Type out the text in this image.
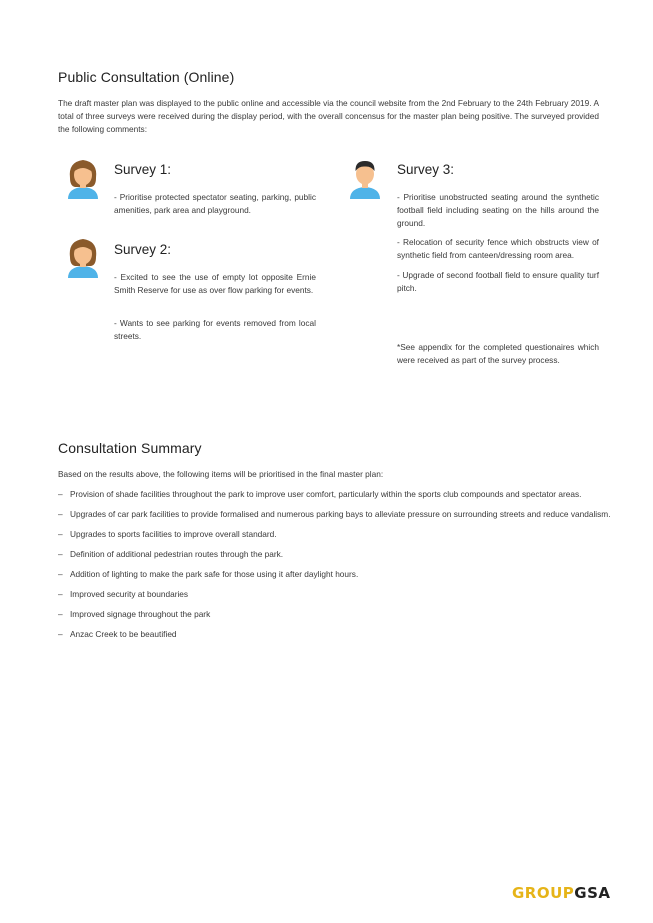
Public Consultation (Online)

The draft master plan was displayed to the public online and accessible via the council website from the 2nd February to the 24th February 2019. A total of three surveys were received during the display period, with the overall concensus for the master plan being positive. The surveyed provided the following comments:

Survey 1:

- Prioritise protected spectator seating, parking, public amenities, park area and playground.

Survey 2:

- Excited to see the use of empty lot opposite Ernie Smith Reserve for use as over flow parking for events.

- Wants to see parking for events removed from local streets.

Survey 3:

- Prioritise unobstructed seating around the synthetic football field including seating on the hills around the ground.

- Relocation of security fence which obstructs view of synthetic field from canteen/dressing room area.

- Upgrade of second football field to ensure quality turf pitch.

*See appendix for the completed questionaires which were received as part of the survey process.

Consultation Summary

Based on the results above, the following items will be prioritised in the final master plan:

– Provision of shade facilities throughout the park to improve user comfort, particularly within the sports club compounds and spectator areas.
– Upgrades of car park facilities to provide formalised and numerous parking bays to alleviate pressure on surrounding streets and reduce vandalism.
– Upgrades to sports facilities to improve overall standard.
– Definition of additional pedestrian routes through the park.
– Addition of lighting to make the park safe for those using it after daylight hours.
– Improved security at boundaries
– Improved signage throughout the park
– Anzac Creek to be beautified
GROUPGSA
